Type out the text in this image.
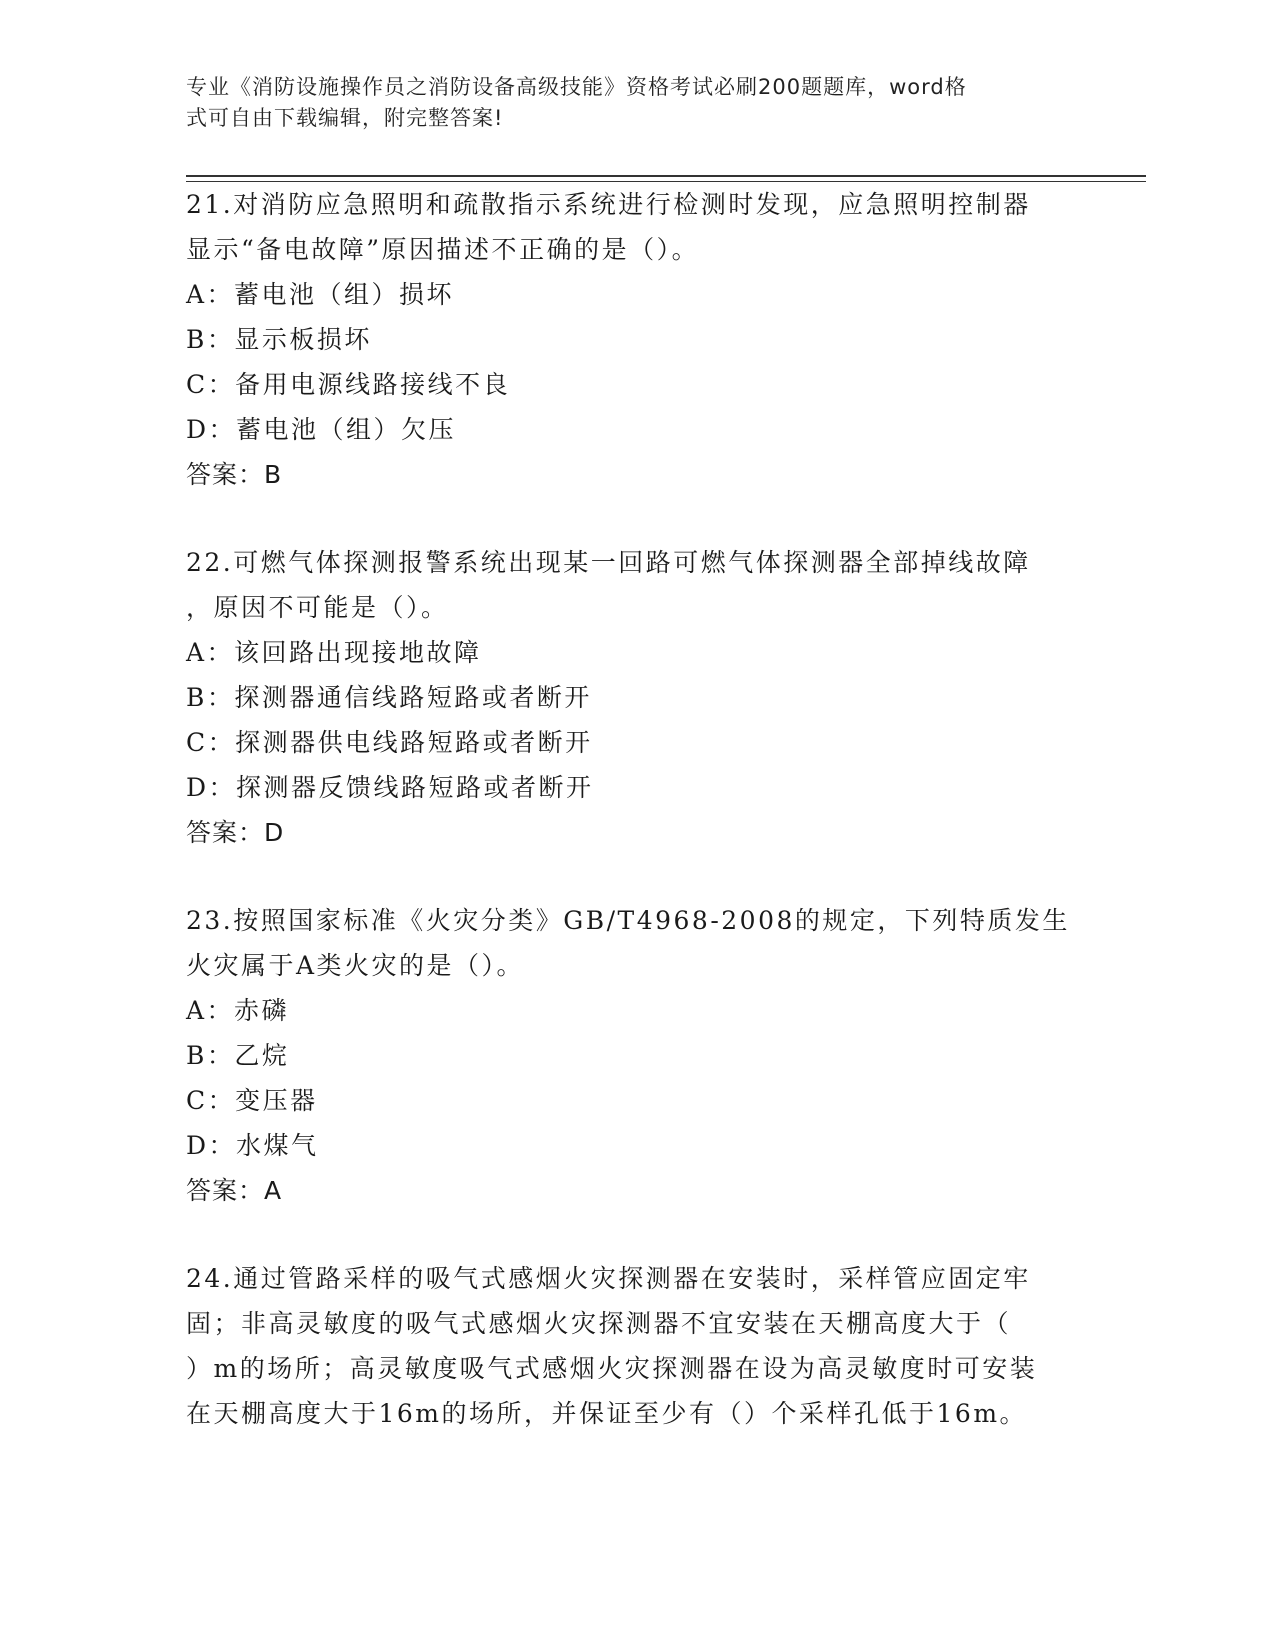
专业《消防设施操作员之消防设备高级技能》资格考试必刷200题题库，word格
式可自由下载编辑，附完整答案!
21.对消防应急照明和疏散指示系统进行检测时发现，应急照明控制器
显示“备电故障”原因描述不正确的是（）。
A：蓄电池（组）损坏
B：显示板损坏
C：备用电源线路接线不良
D：蓄电池（组）欠压
答案：B
22.可燃气体探测报警系统出现某一回路可燃气体探测器全部掉线故障
，原因不可能是（）。
A：该回路出现接地故障
B：探测器通信线路短路或者断开
C：探测器供电线路短路或者断开
D：探测器反馈线路短路或者断开
答案：D
23.按照国家标准《火灾分类》GB/T4968-2008的规定，下列特质发生
火灾属于A类火灾的是（）。
A：赤磷
B：乙烷
C：变压器
D：水煤气
答案：A
24.通过管路采样的吸气式感烟火灾探测器在安装时，采样管应固定牢
固；非高灵敏度的吸气式感烟火灾探测器不宜安装在天棚高度大于（
）m的场所；高灵敏度吸气式感烟火灾探测器在设为高灵敏度时可安装
在天棚高度大于16m的场所，并保证至少有（）个采样孔低于16m。
